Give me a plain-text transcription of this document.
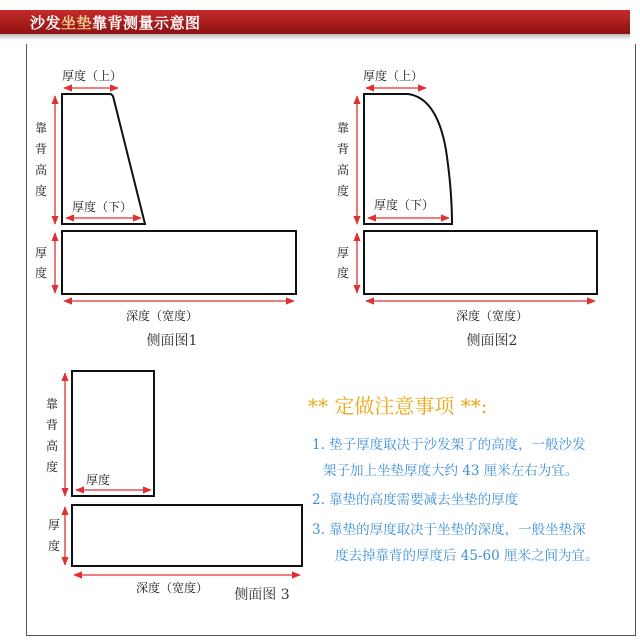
沙发坐垫靠背测量示意图
厚度（上）
厚度（下）
靠
背
高
度
厚
度
深度（宽度）
侧面图1
厚度（上）
厚度（下）
靠
背
高
度
厚
度
深度（宽度）
侧面图2
靠
背
高
度
厚度
厚
度
深度（宽度） 侧面图 3
** 定做注意事项 **:
1. 垫子厚度取决于沙发架了的高度，一般沙发
架子加上坐垫厚度大约 43 厘米左右为宜。
2. 靠垫的高度需要减去坐垫的厚度
3. 靠垫的厚度取决于坐垫的深度，一般坐垫深
度去掉靠背的厚度后 45-60 厘米之间为宜。
